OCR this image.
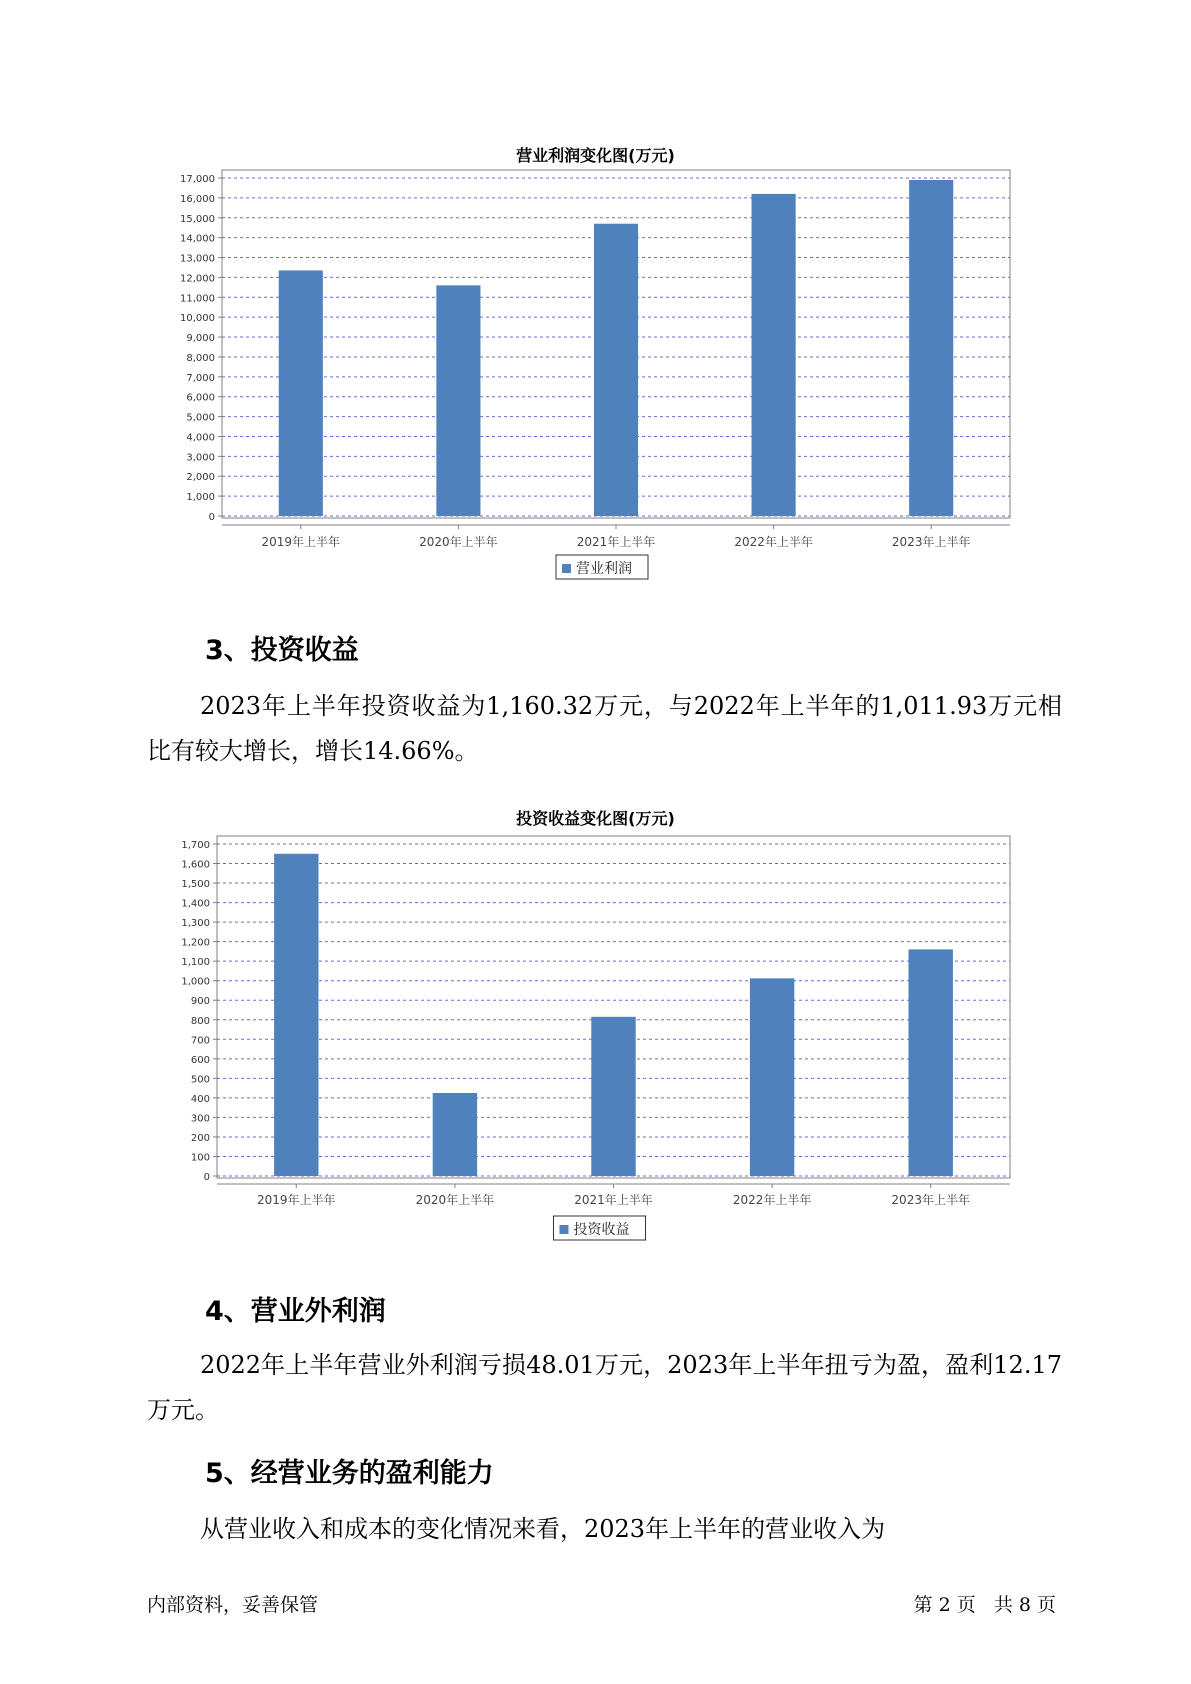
营业利润变化图(万元)
0
1,000
2,000
3,000
4,000
5,000
6,000
7,000
8,000
9,000
10,000
11,000
12,000
13,000
14,000
15,000
16,000
17,000
2019年上半年	2020年上半年	2021年上半年	2022年上半年	2023年上半年
营业利润
3、投资收益

2023年上半年投资收益为1,160.32万元，与2022年上半年的1,011.93万元相比有较大增长，增长14.66%。

投资收益变化图(万元)
0
100
200
300
400
500
600
700
800
900
1,000
1,100
1,200
1,300
1,400
1,500
1,600
1,700
2019年上半年	2020年上半年	2021年上半年	2022年上半年	2023年上半年
投资收益
4、营业外利润

2022年上半年营业外利润亏损48.01万元，2023年上半年扭亏为盈，盈利12.17万元。

5、经营业务的盈利能力

从营业收入和成本的变化情况来看，2023年上半年的营业收入为

内部资料，妥善保管	第 2 页   共 8 页
